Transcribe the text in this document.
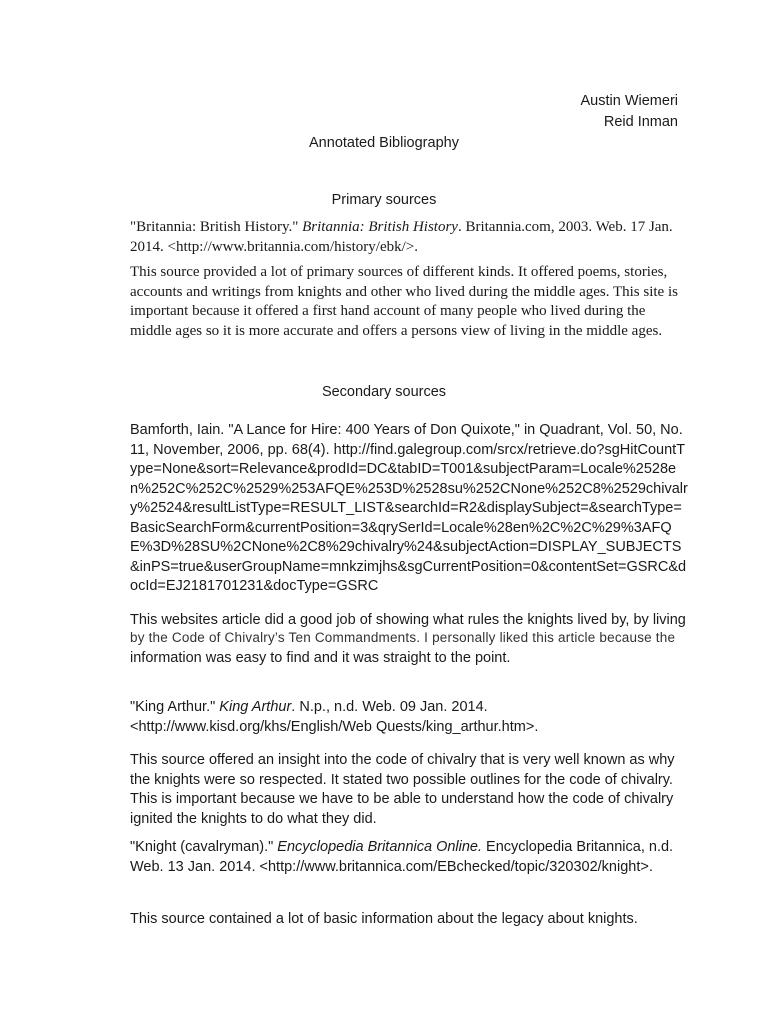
Austin Wiemeri
Reid Inman
Annotated Bibliography
Primary sources
"Britannia: British History." Britannia: British History. Britannia.com, 2003. Web. 17 Jan. 2014. <http://www.britannia.com/history/ebk/>.
This source provided a lot of primary sources of different kinds. It offered poems, stories, accounts and writings from knights and other who lived during the middle ages. This site is important because it offered a first hand account of many people who lived during the middle ages so it is more accurate and offers a persons view of living in the middle ages.
Secondary sources
Bamforth, Iain. "A Lance for Hire: 400 Years of Don Quixote," in Quadrant, Vol. 50, No. 11, November, 2006, pp. 68(4). http://find.galegroup.com/srcx/retrieve.do?sgHitCountType=None&sort=Relevance&prodId=DC&tabID=T001&subjectParam=Locale%2528en%252C%252C%2529%253AFQE%253D%2528su%252CNone%252C8%2529chivalry%2524&resultListType=RESULT_LIST&searchId=R2&displaySubject=&searchType=BasicSearchForm&currentPosition=3&qrySerId=Locale%28en%2C%2C%29%3AFQE%3D%28SU%2CNone%2C8%29chivalry%24&subjectAction=DISPLAY_SUBJECTS&inPS=true&userGroupName=mnkzimjhs&sgCurrentPosition=0&contentSet=GSRC&docId=EJ2181701231&docType=GSRC
This websites article did a good job of showing what rules the knights lived by, by living
by the Code of Chivalry’s Ten Commandments. I personally liked this article because the
information was easy to find and it was straight to the point.
"King Arthur." King Arthur. N.p., n.d. Web. 09 Jan. 2014. <http://www.kisd.org/khs/English/Web Quests/king_arthur.htm>.
This source offered an insight into the code of chivalry that is very well known as why the knights were so respected. It stated two possible outlines for the code of chivalry. This is important because we have to be able to understand how the code of chivalry ignited the knights to do what they did.
"Knight (cavalryman)." Encyclopedia Britannica Online. Encyclopedia Britannica, n.d. Web. 13 Jan. 2014. <http://www.britannica.com/EBchecked/topic/320302/knight>.
This source contained a lot of basic information about the legacy about knights.
